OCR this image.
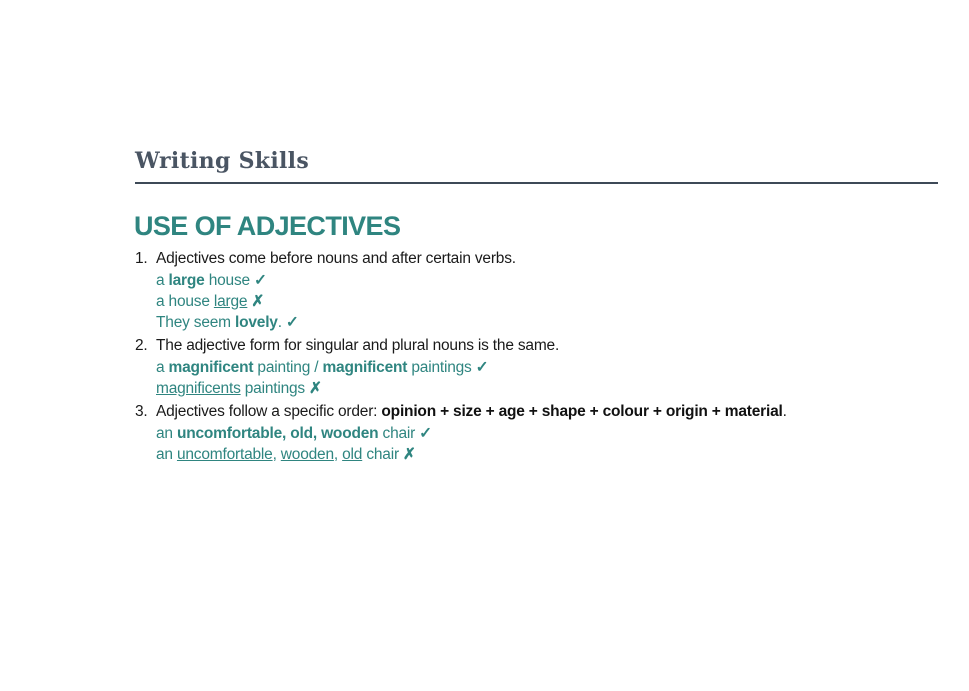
Writing Skills
USE OF ADJECTIVES
1. Adjectives come before nouns and after certain verbs.
a large house ✓
a house large ✗
They seem lovely. ✓
2. The adjective form for singular and plural nouns is the same.
a magnificent painting / magnificent paintings ✓
magnificents paintings ✗
3. Adjectives follow a specific order: opinion + size + age + shape + colour + origin + material.
an uncomfortable, old, wooden chair ✓
an uncomfortable, wooden, old chair ✗
